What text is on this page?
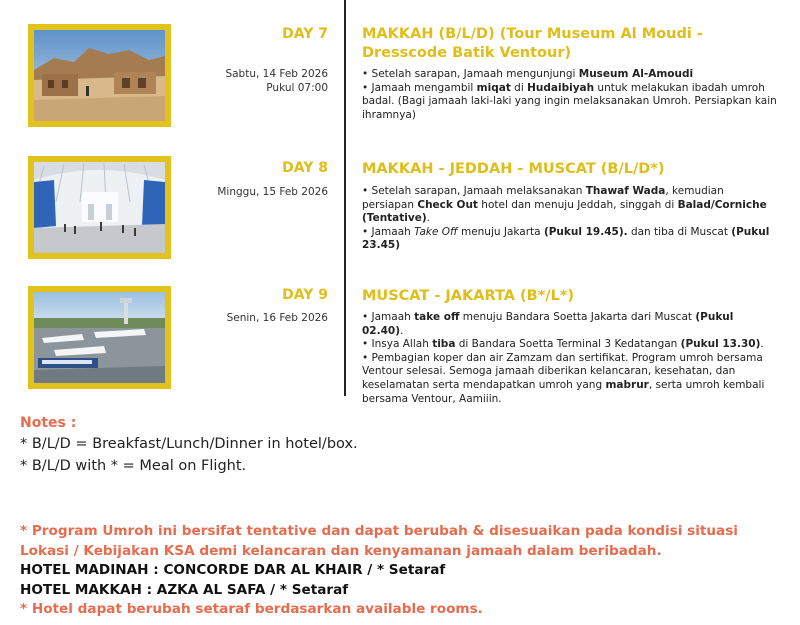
DAY 7
Sabtu, 14 Feb 2026
Pukul 07:00
MAKKAH (B/L/D) (Tour Museum Al Moudi -
Dresscode Batik Ventour)

• Setelah sarapan, Jamaah mengunjungi Museum Al-Amoudi

• Jamaah mengambil miqat di Hudaibiyah untuk melakukan ibadah umroh badal. (Bagi jamaah laki-laki yang ingin melaksanakan Umroh. Persiapkan kain ihramnya)

DAY 8
Minggu, 15 Feb 2026
MAKKAH - JEDDAH - MUSCAT (B/L/D*)

• Setelah sarapan, Jamaah melaksanakan Thawaf Wada, kemudian persiapan Check Out hotel dan menuju Jeddah, singgah di Balad/Corniche (Tentative).

• Jamaah Take Off menuju Jakarta (Pukul 19.45). dan tiba di Muscat (Pukul 23.45)

DAY 9
Senin, 16 Feb 2026
MUSCAT - JAKARTA (B*/L*)

• Jamaah take off menuju Bandara Soetta Jakarta dari Muscat (Pukul 02.40).

• Insya Allah tiba di Bandara Soetta Terminal 3 Kedatangan (Pukul 13.30).

• Pembagian koper dan air Zamzam dan sertifikat. Program umroh bersama Ventour selesai. Semoga jamaah diberikan kelancaran, kesehatan, dan keselamatan serta mendapatkan umroh yang mabrur, serta umroh kembali bersama Ventour, Aamiiin.

Notes :
* B/L/D = Breakfast/Lunch/Dinner in hotel/box.
* B/L/D with * = Meal on Flight.
* Program Umroh ini bersifat tentative dan dapat berubah & disesuaikan pada kondisi situasi Lokasi / Kebijakan KSA demi kelancaran dan kenyamanan jamaah dalam beribadah.
HOTEL MADINAH : CONCORDE DAR AL KHAIR / * Setaraf
HOTEL MAKKAH : AZKA AL SAFA / * Setaraf
* Hotel dapat berubah setaraf berdasarkan available rooms.
